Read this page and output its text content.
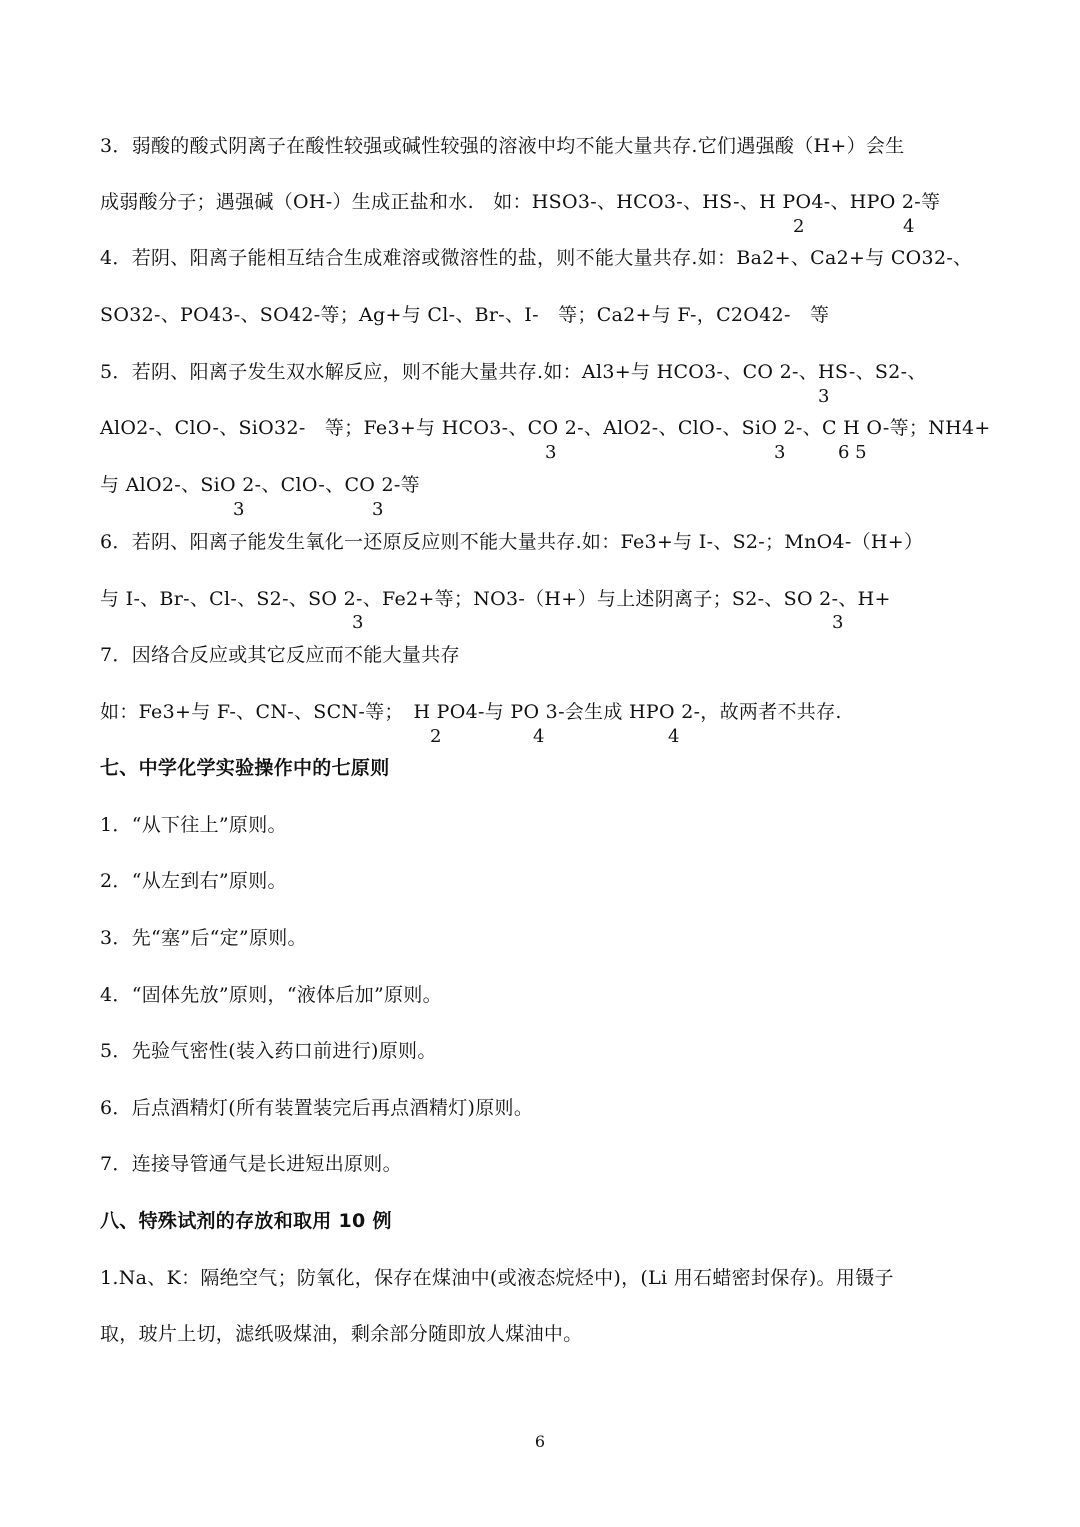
3．弱酸的酸式阴离子在酸性较强或碱性较强的溶液中均不能大量共存.它们遇强酸（H+）会生
成弱酸分子；遇强碱（OH-）生成正盐和水.　如：HSO3-、HCO3-、HS-、H PO4-、HPO 2-等
2	4
4．若阴、阳离子能相互结合生成难溶或微溶性的盐，则不能大量共存.如：Ba2+、Ca2+与 CO32-、
SO32-、PO43-、SO42-等；Ag+与 Cl-、Br-、I-　等；Ca2+与 F-，C2O42-　等
5．若阴、阳离子发生双水解反应，则不能大量共存.如：Al3+与 HCO3-、CO 2-、HS-、S2-、
3
AlO2-、ClO-、SiO32-　等；Fe3+与 HCO3-、CO 2-、AlO2-、ClO-、SiO 2-、C H O-等；NH4+
3	3	6 5
与 AlO2-、SiO 2-、ClO-、CO 2-等
3	3
6．若阴、阳离子能发生氧化一还原反应则不能大量共存.如：Fe3+与 I-、S2-；MnO4-（H+）
与 I-、Br-、Cl-、S2-、SO 2-、Fe2+等；NO3-（H+）与上述阴离子；S2-、SO 2-、H+
3	3
7．因络合反应或其它反应而不能大量共存
如：Fe3+与 F-、CN-、SCN-等；　H PO4-与 PO 3-会生成 HPO 2-，故两者不共存.
2	4	4
七、中学化学实验操作中的七原则
1．“从下往上”原则。
2．“从左到右”原则。
3．先“塞”后“定”原则。
4．“固体先放”原则，“液体后加”原则。
5．先验气密性(装入药口前进行)原则。
6．后点酒精灯(所有装置装完后再点酒精灯)原则。
7．连接导管通气是长进短出原则。
八、特殊试剂的存放和取用 10 例
1.Na、K：隔绝空气；防氧化，保存在煤油中(或液态烷烃中)，(Li 用石蜡密封保存)。用镊子
取，玻片上切，滤纸吸煤油，剩余部分随即放人煤油中。
6
